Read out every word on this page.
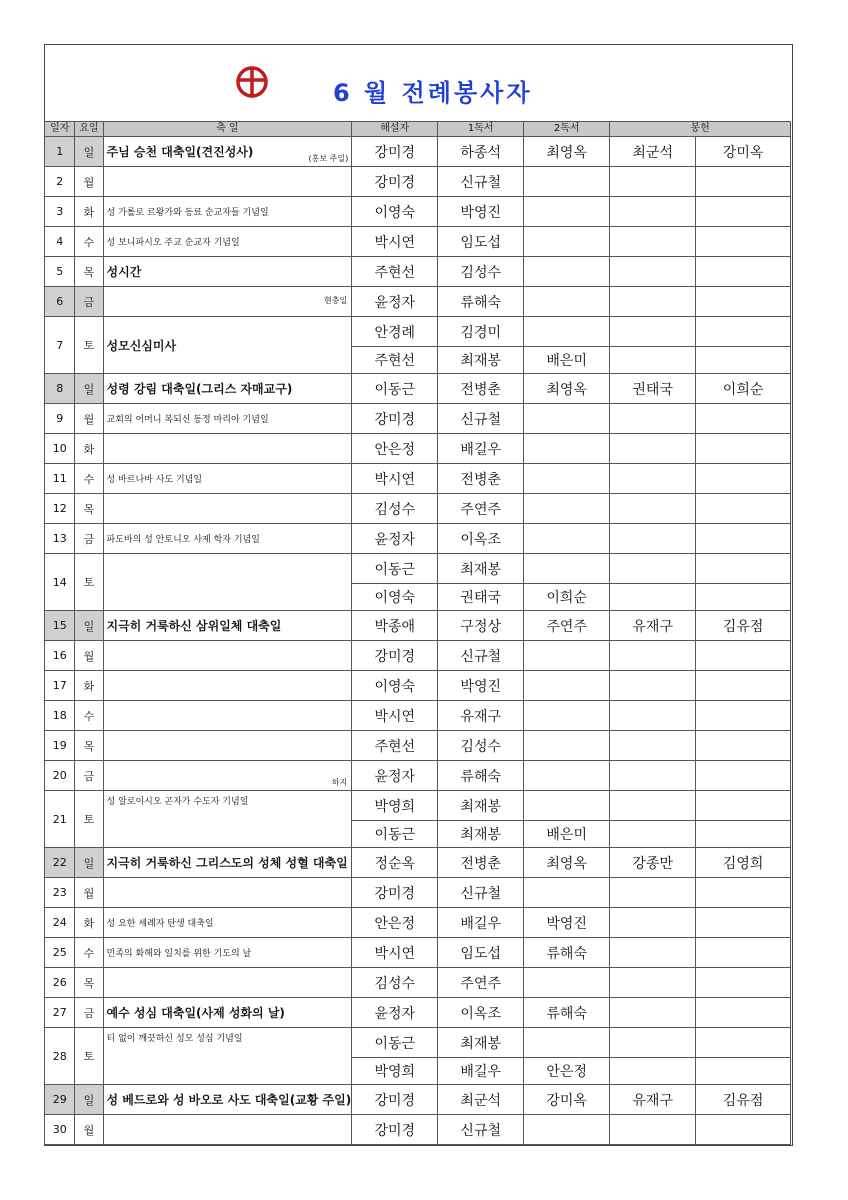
6 월 전례봉사자
일자	요일	축 일	해설자	1독서	2독서	봉헌	
1	일	주님 승천 대축일(견진성사) (홍보 주일)	강미경	하종석	최영옥	최군석	강미옥
2	월		강미경	신규철			
3	화	성 가롤로 르왕가와 동료 순교자들 기념일	이영숙	박영진			
4	수	성 보니파시오 주교 순교자 기념일	박시연	임도섭			
5	목	성시간	주현선	김성수			
6	금	현충일	윤정자	류해숙			
7	토	성모신심미사	안경례	김경미			
			주현선	최재봉	배은미		
8	일	성령 강림 대축일(그리스 자매교구)	이동근	전병춘	최영옥	권태국	이희순
9	월	교회의 어머니 복되신 동정 마리아 기념일	강미경	신규철			
10	화		안은정	배길우			
11	수	성 바르나바 사도 기념일	박시연	전병춘			
12	목		김성수	주연주			
13	금	파도바의 성 안토니오 사제 학자 기념일	윤정자	이옥조			
14	토		이동근	최재봉			
			이영숙	권태국	이희순		
15	일	지극히 거룩하신 삼위일체 대축일	박종애	구정상	주연주	유재구	김유점
16	월		강미경	신규철			
17	화		이영숙	박영진			
18	수		박시연	유재구			
19	목		주현선	김성수			
20	금	하지	윤정자	류해숙			
21	토	성 알로이시오 곤자가 수도자 기념일	박영희	최재봉			
			이동근	최재봉	배은미		
22	일	지극히 거룩하신 그리스도의 성체 성혈 대축일	정순옥	전병춘	최영옥	강종만	김영희
23	월		강미경	신규철			
24	화	성 요한 세례자 탄생 대축일	안은정	배길우	박영진		
25	수	민족의 화해와 일치를 위한 기도의 날	박시연	임도섭	류해숙		
26	목		김성수	주연주			
27	금	예수 성심 대축일(사제 성화의 날)	윤정자	이옥조	류해숙		
28	토	티 없이 깨끗하신 성모 성심 기념일	이동근	최재봉			
			박영희	배길우	안은정		
29	일	성 베드로와 성 바오로 사도 대축일(교황 주일)	강미경	최군석	강미옥	유재구	김유점
30	월		강미경	신규철			
